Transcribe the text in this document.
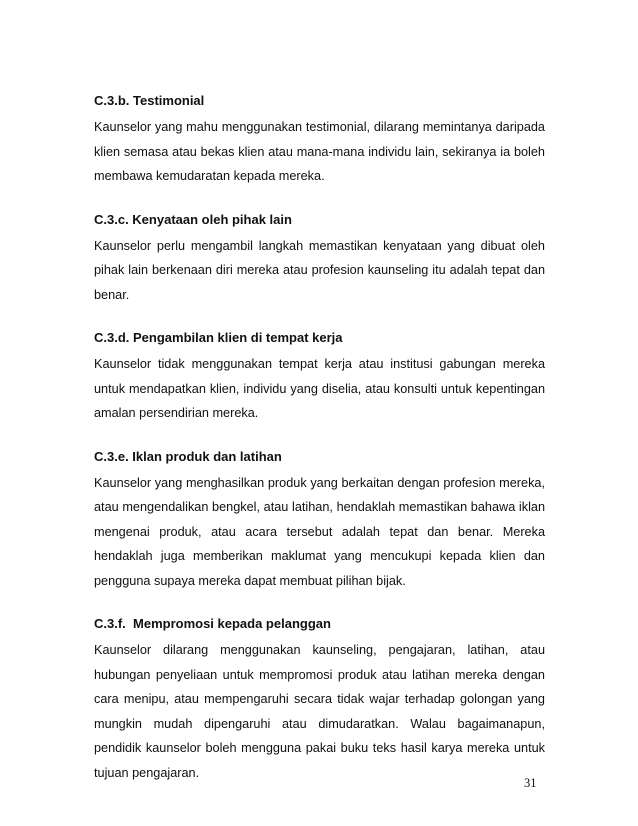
C.3.b. Testimonial

Kaunselor yang mahu menggunakan testimonial, dilarang memintanya daripada klien semasa atau bekas klien atau mana-mana individu lain, sekiranya ia boleh membawa kemudaratan kepada mereka.

C.3.c. Kenyataan oleh pihak lain

Kaunselor perlu mengambil langkah memastikan kenyataan yang dibuat oleh pihak lain berkenaan diri mereka atau profesion kaunseling itu adalah tepat dan benar.

C.3.d. Pengambilan klien di tempat kerja

Kaunselor tidak menggunakan tempat kerja atau institusi gabungan mereka untuk mendapatkan klien, individu yang diselia, atau konsulti untuk kepentingan amalan persendirian mereka.

C.3.e. Iklan produk dan latihan

Kaunselor yang menghasilkan produk yang berkaitan dengan profesion mereka, atau mengendalikan bengkel, atau latihan, hendaklah memastikan bahawa iklan mengenai produk, atau acara tersebut adalah tepat dan benar. Mereka hendaklah juga memberikan maklumat yang mencukupi kepada klien dan pengguna supaya mereka dapat membuat pilihan bijak.

C.3.f.  Mempromosi kepada pelanggan

Kaunselor dilarang menggunakan kaunseling, pengajaran, latihan, atau hubungan penyeliaan untuk mempromosi produk atau latihan mereka dengan cara menipu, atau mempengaruhi secara tidak wajar terhadap golongan yang mungkin mudah dipengaruhi atau dimudaratkan. Walau bagaimanapun, pendidik kaunselor boleh mengguna pakai buku teks hasil karya mereka untuk tujuan pengajaran.

31
